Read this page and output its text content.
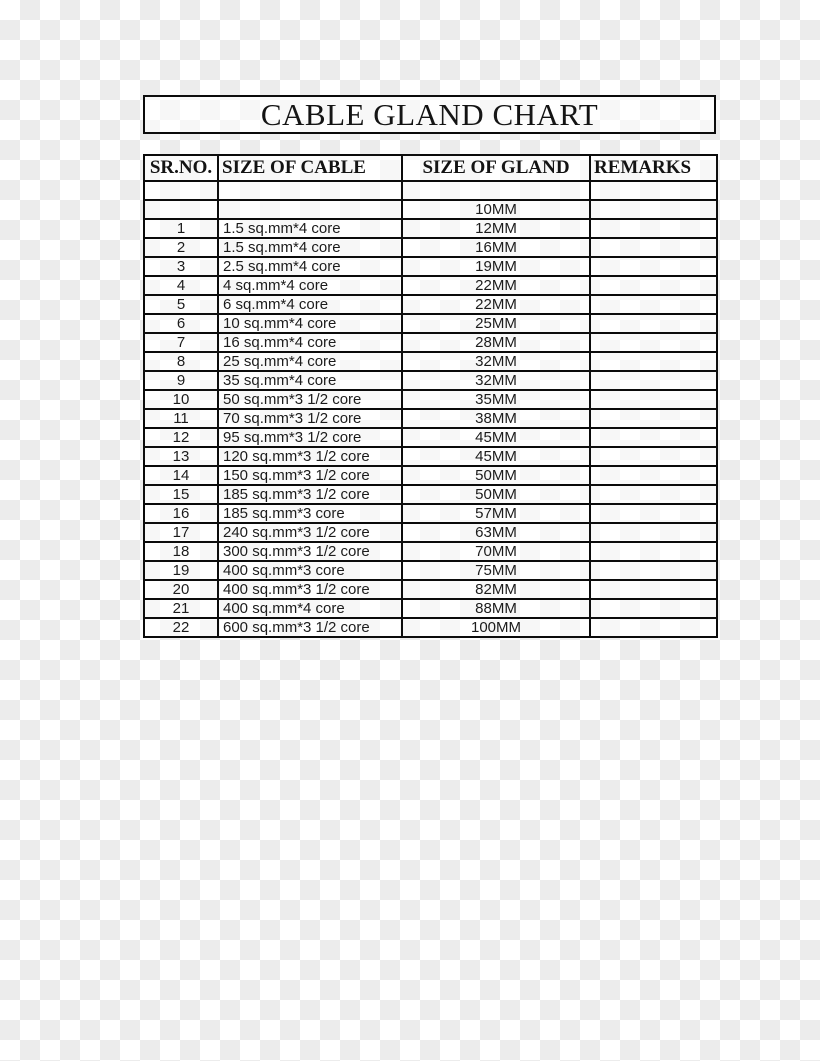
CABLE GLAND CHART
SR.NO.	SIZE OF CABLE	SIZE OF GLAND	REMARKS

		10MM	
1	1.5 sq.mm*4 core	12MM	
2	1.5 sq.mm*4 core	16MM	
3	2.5 sq.mm*4 core	19MM	
4	4 sq.mm*4 core	22MM	
5	6 sq.mm*4 core	22MM	
6	10 sq.mm*4 core	25MM	
7	16 sq.mm*4 core	28MM	
8	25 sq.mm*4 core	32MM	
9	35 sq.mm*4 core	32MM	
10	50 sq.mm*3 1/2 core	35MM	
11	70 sq.mm*3 1/2 core	38MM	
12	95 sq.mm*3 1/2 core	45MM	
13	120 sq.mm*3 1/2 core	45MM	
14	150 sq.mm*3 1/2 core	50MM	
15	185 sq.mm*3 1/2 core	50MM	
16	185 sq.mm*3 core	57MM	
17	240 sq.mm*3 1/2 core	63MM	
18	300 sq.mm*3 1/2 core	70MM	
19	400 sq.mm*3 core	75MM	
20	400 sq.mm*3 1/2 core	82MM	
21	400 sq.mm*4 core	88MM	
22	600 sq.mm*3 1/2 core	100MM	
